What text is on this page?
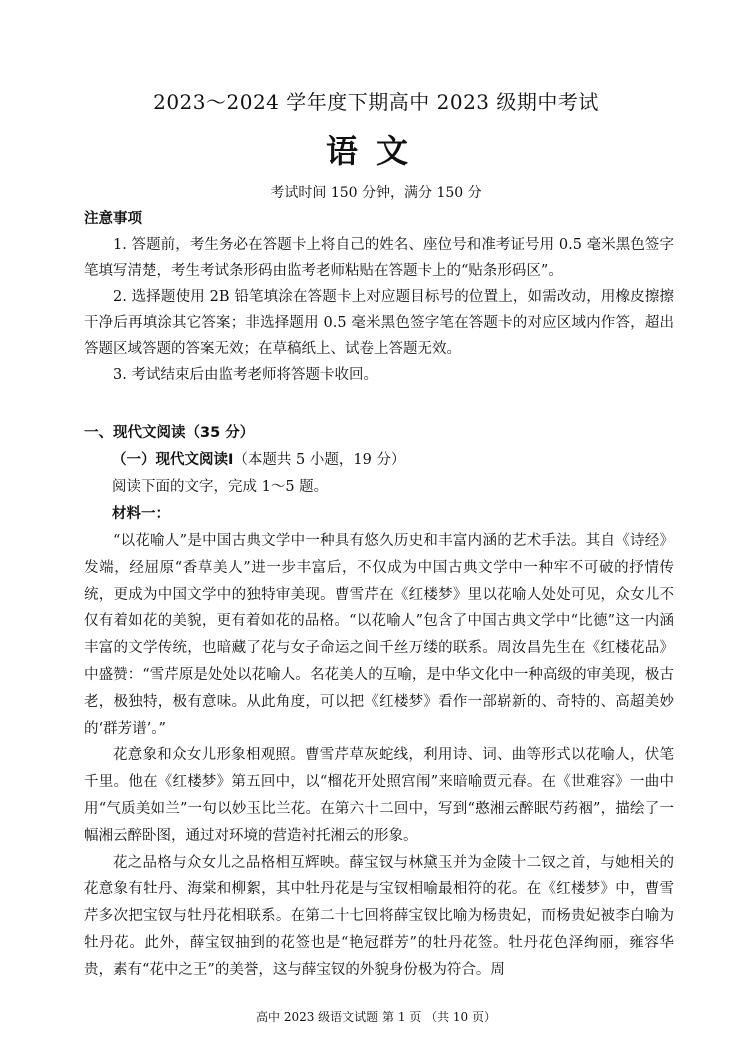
2023～2024 学年度下期高中 2023 级期中考试
语文
考试时间 150 分钟，满分 150 分
注意事项

1. 答题前，考生务必在答题卡上将自己的姓名、座位号和准考证号用 0.5 毫米黑色签字笔填写清楚，考生考试条形码由监考老师粘贴在答题卡上的“贴条形码区”。

2. 选择题使用 2B 铅笔填涂在答题卡上对应题目标号的位置上，如需改动，用橡皮擦擦干净后再填涂其它答案；非选择题用 0.5 毫米黑色签字笔在答题卡的对应区域内作答，超出答题区域答题的答案无效；在草稿纸上、试卷上答题无效。

3. 考试结束后由监考老师将答题卡收回。

一、现代文阅读（35 分）
（一）现代文阅读Ⅰ（本题共 5 小题，19 分）
阅读下面的文字，完成 1～5 题。
材料一：

“以花喻人”是中国古典文学中一种具有悠久历史和丰富内涵的艺术手法。其自《诗经》发端，经屈原“香草美人”进一步丰富后，不仅成为中国古典文学中一种牢不可破的抒情传统，更成为中国文学中的独特审美现。曹雪芹在《红楼梦》里以花喻人处处可见，众女儿不仅有着如花的美貌，更有着如花的品格。“以花喻人”包含了中国古典文学中“比德”这一内涵丰富的文学传统，也暗藏了花与女子命运之间千丝万缕的联系。周汝昌先生在《红楼花品》中盛赞：“雪芹原是处处以花喻人。名花美人的互喻，是中华文化中一种高级的审美现，极古老，极独特，极有意味。从此角度，可以把《红楼梦》看作一部崭新的、奇特的、高超美妙的‘群芳谱’。”

花意象和众女儿形象相观照。曹雪芹草灰蛇线，利用诗、词、曲等形式以花喻人，伏笔千里。他在《红楼梦》第五回中，以“榴花开处照宫闱”来暗喻贾元春。在《世难容》一曲中用“气质美如兰”一句以妙玉比兰花。在第六十二回中，写到“憨湘云醉眠芍药裀”，描绘了一幅湘云醉卧图，通过对环境的营造衬托湘云的形象。

花之品格与众女儿之品格相互辉映。薛宝钗与林黛玉并为金陵十二钗之首，与她相关的花意象有牡丹、海棠和柳絮，其中牡丹花是与宝钗相喻最相符的花。在《红楼梦》中，曹雪芹多次把宝钗与牡丹花相联系。在第二十七回将薛宝钗比喻为杨贵妃，而杨贵妃被李白喻为牡丹花。此外，薛宝钗抽到的花签也是“艳冠群芳”的牡丹花签。牡丹花色泽绚丽，雍容华贵，素有“花中之王”的美誉，这与薛宝钗的外貌身份极为符合。周

高中 2023 级语文试题 第 1 页 （共 10 页）
